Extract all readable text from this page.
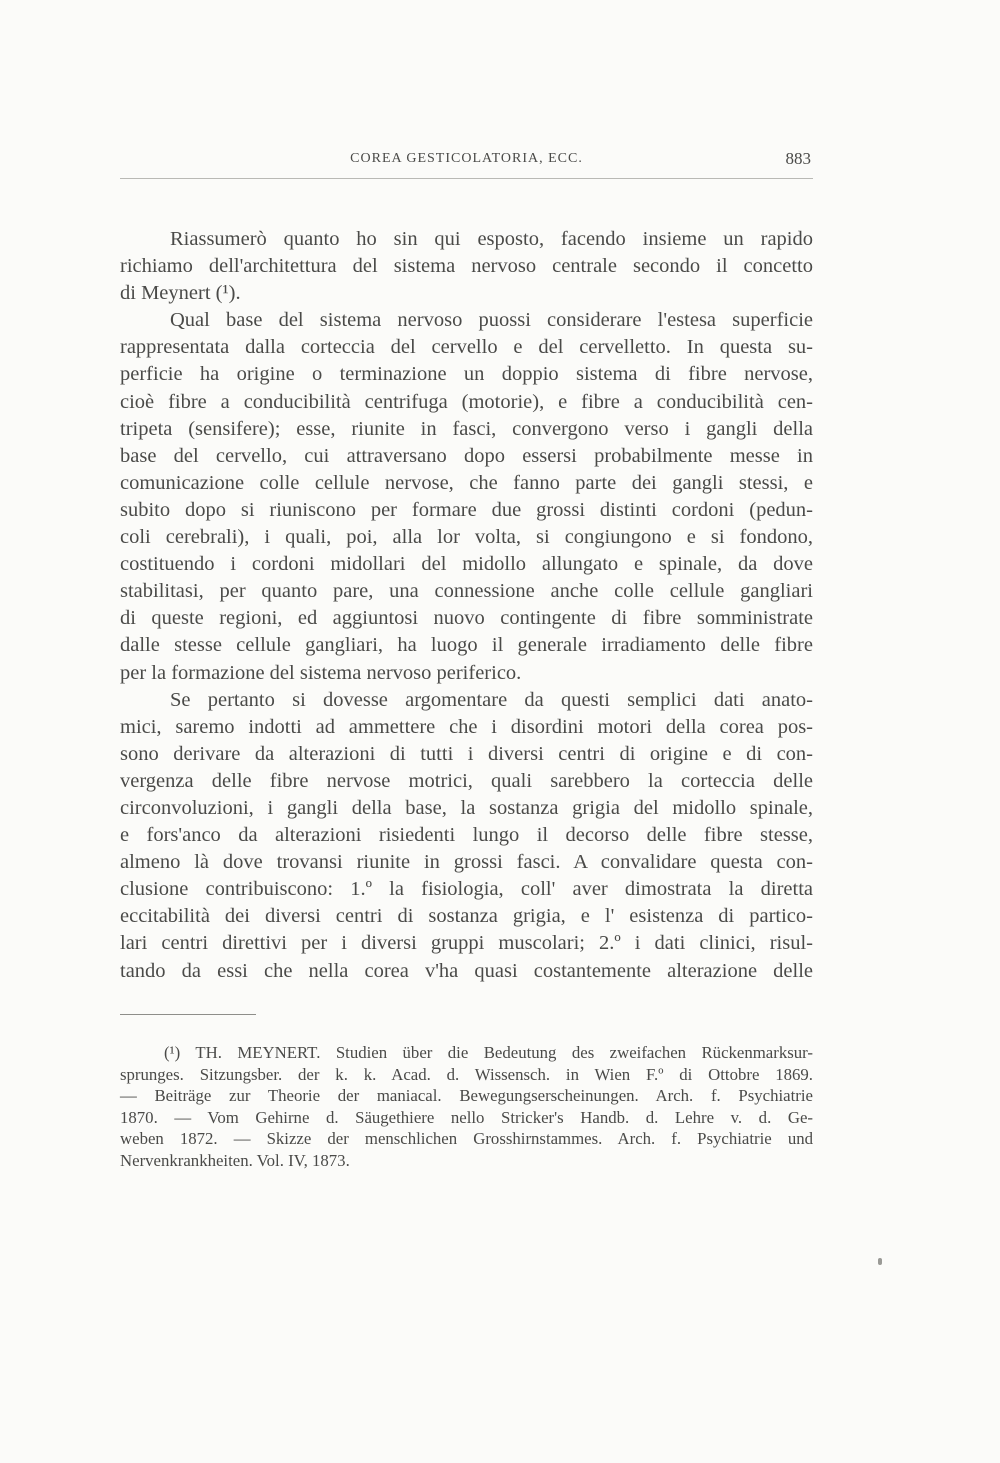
COREA GESTICOLATORIA, ECC.	883
Riassumerò quanto ho sin qui esposto, facendo insieme un rapido
richiamo dell'architettura del sistema nervoso centrale secondo il concetto
di Meynert (¹).
Qual base del sistema nervoso puossi considerare l'estesa superficie
rappresentata dalla corteccia del cervello e del cervelletto. In questa su-
perficie ha origine o terminazione un doppio sistema di fibre nervose,
cioè fibre a conducibilità centrifuga (motorie), e fibre a conducibilità cen-
tripeta (sensifere); esse, riunite in fasci, convergono verso i gangli della
base del cervello, cui attraversano dopo essersi probabilmente messe in
comunicazione colle cellule nervose, che fanno parte dei gangli stessi, e
subito dopo si riuniscono per formare due grossi distinti cordoni (pedun-
coli cerebrali), i quali, poi, alla lor volta, si congiungono e si fondono,
costituendo i cordoni midollari del midollo allungato e spinale, da dove
stabilitasi, per quanto pare, una connessione anche colle cellule gangliari
di queste regioni, ed aggiuntosi nuovo contingente di fibre somministrate
dalle stesse cellule gangliari, ha luogo il generale irradiamento delle fibre
per la formazione del sistema nervoso periferico.
Se pertanto si dovesse argomentare da questi semplici dati anato-
mici, saremo indotti ad ammettere che i disordini motori della corea pos-
sono derivare da alterazioni di tutti i diversi centri di origine e di con-
vergenza delle fibre nervose motrici, quali sarebbero la corteccia delle
circonvoluzioni, i gangli della base, la sostanza grigia del midollo spinale,
e fors'anco da alterazioni risiedenti lungo il decorso delle fibre stesse,
almeno là dove trovansi riunite in grossi fasci. A convalidare questa con-
clusione contribuiscono: 1.º la fisiologia, coll' aver dimostrata la diretta
eccitabilità dei diversi centri di sostanza grigia, e l' esistenza di partico-
lari centri direttivi per i diversi gruppi muscolari; 2.º i dati clinici, risul-
tando da essi che nella corea v'ha quasi costantemente alterazione delle
(¹) TH. MEYNERT. Studien über die Bedeutung des zweifachen Rückenmarksur-
sprunges. Sitzungsber. der k. k. Acad. d. Wissensch. in Wien F.º di Ottobre 1869.
— Beiträge zur Theorie der maniacal. Bewegungserscheinungen. Arch. f. Psychiatrie
1870. — Vom Gehirne d. Säugethiere nello Stricker's Handb. d. Lehre v. d. Ge-
weben 1872. — Skizze der menschlichen Grosshirnstammes. Arch. f. Psychiatrie und
Nervenkrankheiten. Vol. IV, 1873.
